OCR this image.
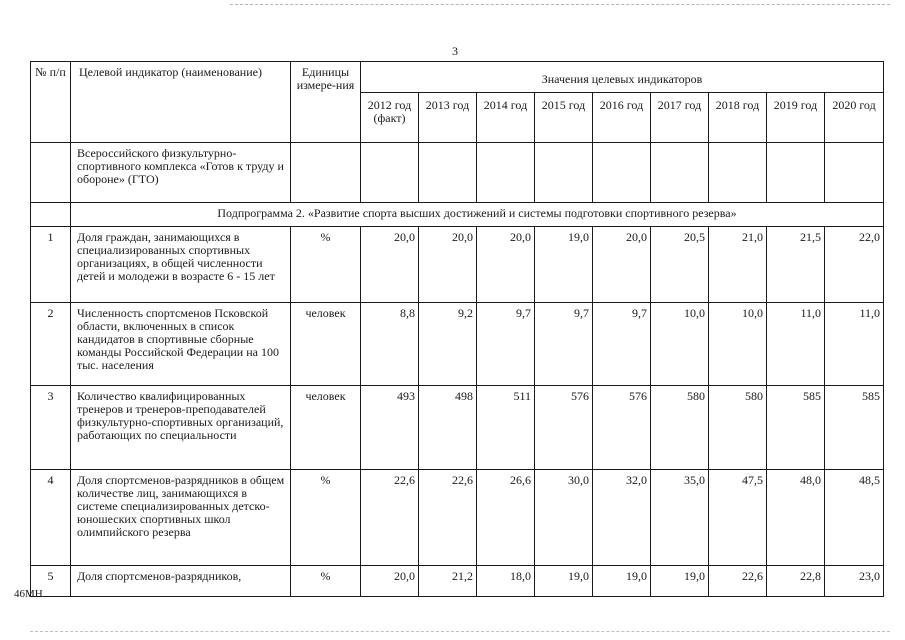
3
№ п/п	Целевой индикатор (наименование)	Единицы измере-ния	Значения целевых индикаторов								
			2012 год (факт)	2013 год	2014 год	2015 год	2016 год	2017 год	2018 год	2019 год	2020 год
	Всероссийского физкультурно-спортивного комплекса «Готов к труду и обороне» (ГТО)										
	Подпрограмма 2. «Развитие спорта высших достижений и системы подготовки спортивного резерва»										
1	Доля граждан, занимающихся в специализированных спортивных организациях, в общей численности детей и молодежи в возрасте 6 - 15 лет	%	20,0	20,0	20,0	19,0	20,0	20,5	21,0	21,5	22,0
2	Численность спортсменов Псковской области, включенных в список кандидатов в спортивные сборные команды Российской Федерации на 100 тыс. населения	человек	8,8	9,2	9,7	9,7	9,7	10,0	10,0	11,0	11,0
3	Количество квалифицированных тренеров и тренеров-преподавателей физкультурно-спортивных организаций, работающих по специальности	человек	493	498	511	576	576	580	580	585	585
4	Доля спортсменов-разрядников в общем количестве лиц, занимающихся в системе специализированных детско-юношеских спортивных школ олимпийского резерва	%	22,6	22,6	26,6	30,0	32,0	35,0	47,5	48,0	48,5
5	Доля спортсменов-разрядников,	%	20,0	21,2	18,0	19,0	19,0	19,0	22,6	22,8	23,0
46МН
